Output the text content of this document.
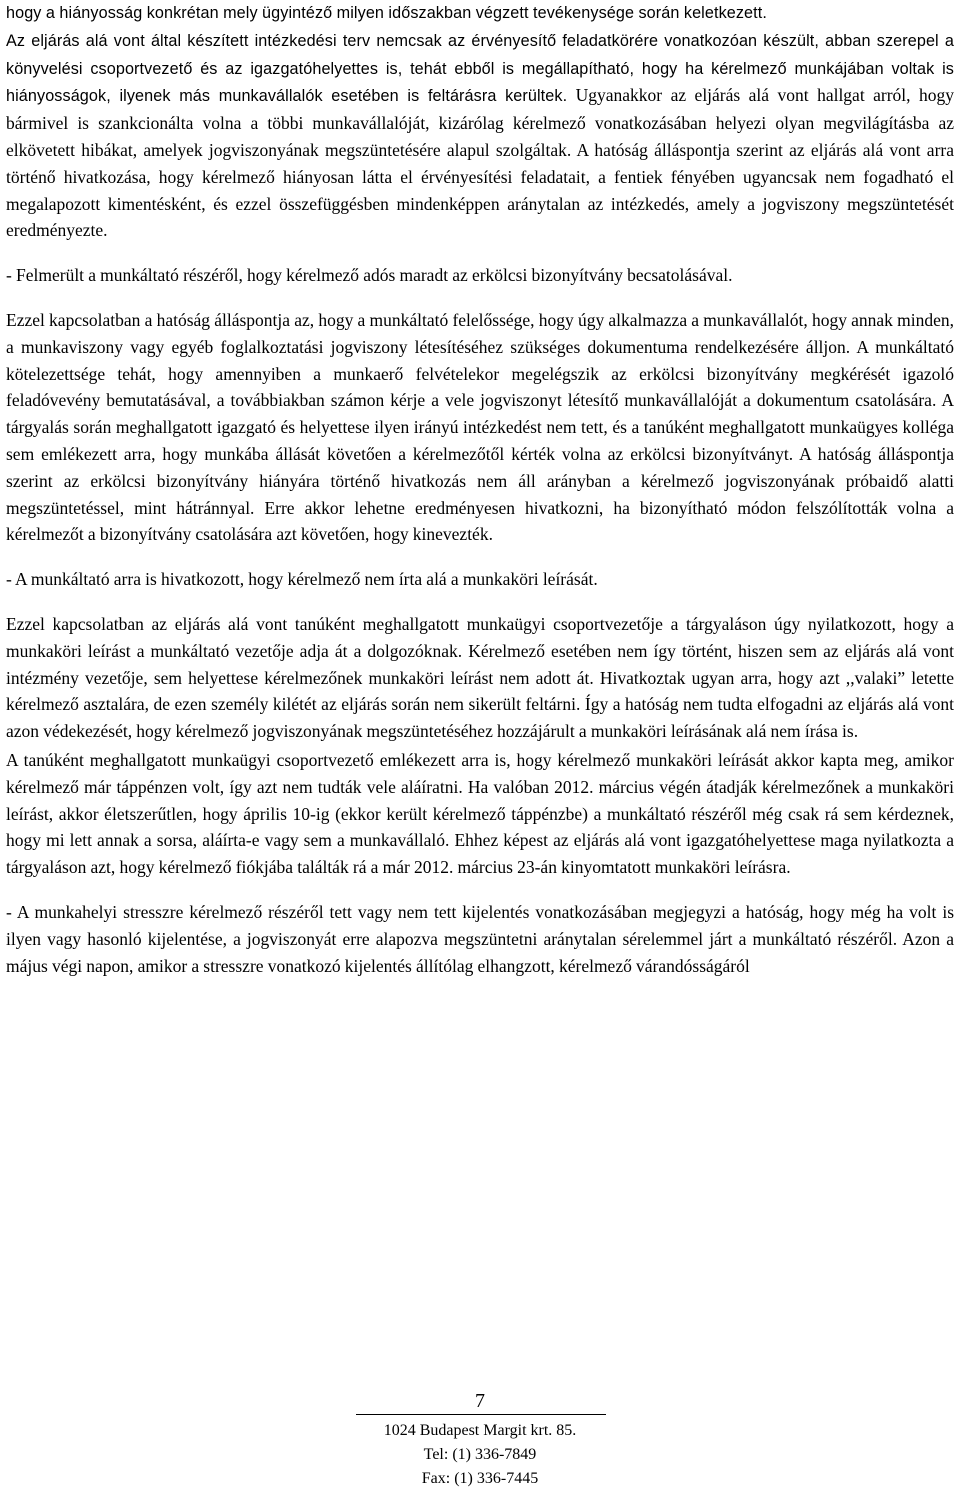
hogy a hiányosság konkrétan mely ügyintéző milyen időszakban végzett tevékenysége során keletkezett.

Az eljárás alá vont által készített intézkedési terv nemcsak az érvényesítő feladatkörére vonatkozóan készült, abban szerepel a könyvelési csoportvezető és az igazgatóhelyettes is, tehát ebből is megállapítható, hogy ha kérelmező munkájában voltak is hiányosságok, ilyenek más munkavállalók esetében is feltárásra kerültek. Ugyanakkor az eljárás alá vont hallgat arról, hogy bármivel is szankcionálta volna a többi munkavállalóját, kizárólag kérelmező vonatkozásában helyezi olyan megvilágításba az elkövetett hibákat, amelyek jogviszonyának megszüntetésére alapul szolgáltak. A hatóság álláspontja szerint az eljárás alá vont arra történő hivatkozása, hogy kérelmező hiányosan látta el érvényesítési feladatait, a fentiek fényében ugyancsak nem fogadható el megalapozott kimentésként, és ezzel összefüggésben mindenképpen aránytalan az intézkedés, amely a jogviszony megszüntetését eredményezte.

- Felmerült a munkáltató részéről, hogy kérelmező adós maradt az erkölcsi bizonyítvány becsatolásával.

Ezzel kapcsolatban a hatóság álláspontja az, hogy a munkáltató felelőssége, hogy úgy alkalmazza a munkavállalót, hogy annak minden, a munkaviszony vagy egyéb foglalkoztatási jogviszony létesítéséhez szükséges dokumentuma rendelkezésére álljon. A munkáltató kötelezettsége tehát, hogy amennyiben a munkaerő felvételekor megelégszik az erkölcsi bizonyítvány megkérését igazoló feladóvevény bemutatásával, a továbbiakban számon kérje a vele jogviszonyt létesítő munkavállalóját a dokumentum csatolására. A tárgyalás során meghallgatott igazgató és helyettese ilyen irányú intézkedést nem tett, és a tanúként meghallgatott munkaügyes kolléga sem emlékezett arra, hogy munkába állását követően a kérelmezőtől kérték volna az erkölcsi bizonyítványt. A hatóság álláspontja szerint az erkölcsi bizonyítvány hiányára történő hivatkozás nem áll arányban a kérelmező jogviszonyának próbaidő alatti megszüntetéssel, mint hátránnyal. Erre akkor lehetne eredményesen hivatkozni, ha bizonyítható módon felszólították volna a kérelmezőt a bizonyítvány csatolására azt követően, hogy kinevezték.

- A munkáltató arra is hivatkozott, hogy kérelmező nem írta alá a munkaköri leírását.

Ezzel kapcsolatban az eljárás alá vont tanúként meghallgatott munkaügyi csoportvezetője a tárgyaláson úgy nyilatkozott, hogy a munkaköri leírást a munkáltató vezetője adja át a dolgozóknak. Kérelmező esetében nem így történt, hiszen sem az eljárás alá vont intézmény vezetője, sem helyettese kérelmezőnek munkaköri leírást nem adott át. Hivatkoztak ugyan arra, hogy azt ,,valaki” letette kérelmező asztalára, de ezen személy kilétét az eljárás során nem sikerült feltárni. Így a hatóság nem tudta elfogadni az eljárás alá vont azon védekezését, hogy kérelmező jogviszonyának megszüntetéséhez hozzájárult a munkaköri leírásának alá nem írása is.

A tanúként meghallgatott munkaügyi csoportvezető emlékezett arra is, hogy kérelmező munkaköri leírását akkor kapta meg, amikor kérelmező már táppénzen volt, így azt nem tudták vele aláíratni. Ha valóban 2012. március végén átadják kérelmezőnek a munkaköri leírást, akkor életszerűtlen, hogy április 10-ig (ekkor került kérelmező táppénzbe) a munkáltató részéről még csak rá sem kérdeznek, hogy mi lett annak a sorsa, aláírta-e vagy sem a munkavállaló. Ehhez képest az eljárás alá vont igazgatóhelyettese maga nyilatkozta a tárgyaláson azt, hogy kérelmező fiókjába találták rá a már 2012. március 23-án kinyomtatott munkaköri leírásra.

- A munkahelyi stresszre kérelmező részéről tett vagy nem tett kijelentés vonatkozásában megjegyzi a hatóság, hogy még ha volt is ilyen vagy hasonló kijelentése, a jogviszonyát erre alapozva megszüntetni aránytalan sérelemmel járt a munkáltató részéről. Azon a május végi napon, amikor a stresszre vonatkozó kijelentés állítólag elhangzott, kérelmező várandósságáról

7
1024 Budapest Margit krt. 85.
Tel: (1) 336-7849
Fax: (1) 336-7445
